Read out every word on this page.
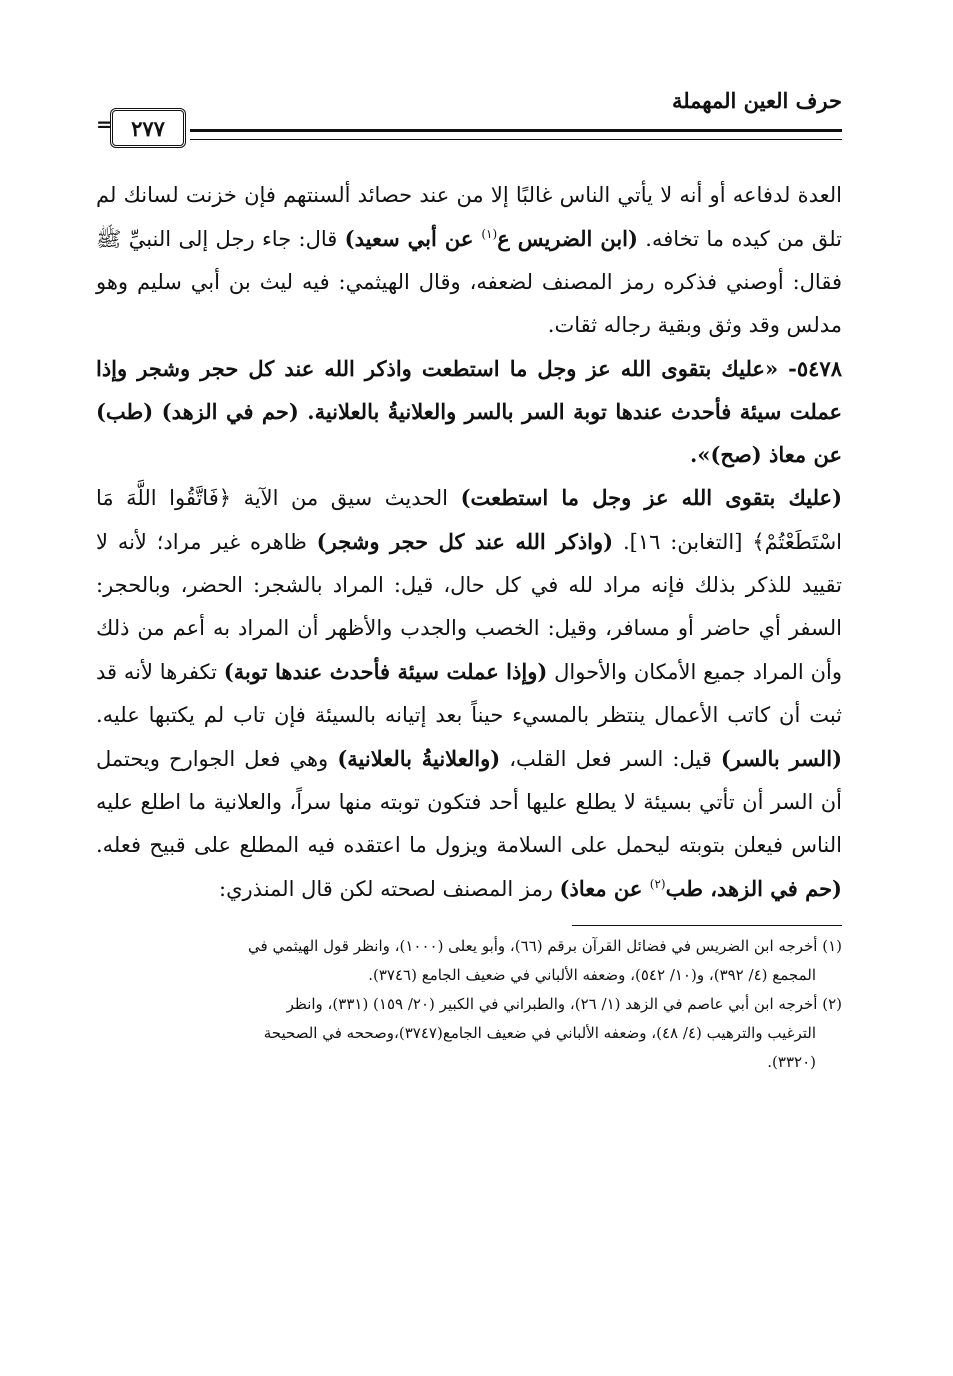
حرف العين المهملة
٢٧٧
=

العدة لدفاعه أو أنه لا يأتي الناس غالبًا إلا من عند حصائد ألسنتهم فإن خزنت لسانك لم تلق من كيده ما تخافه. (ابن الضريس ع$^{(١)}$ عن أبي سعيد) قال: جاء رجل إلى النبيِّ ﷺ فقال: أوصني فذكره رمز المصنف لضعفه، وقال الهيثمي: فيه ليث بن أبي سليم وهو مدلس وقد وثق وبقية رجاله ثقات.

٥٤٧٨- «عليك بتقوى الله عز وجل ما استطعت واذكر الله عند كل حجر وشجر وإذا عملت سيئة فأحدث عندها توبة السر بالسر والعلانيةُ بالعلانية. (حم في الزهد) (طب) عن معاذ (صح)».

(عليك بتقوى الله عز وجل ما استطعت) الحديث سيق من الآية ﴿فَاتَّقُوا اللَّهَ مَا اسْتَطَعْتُمْ﴾ [التغابن: ١٦]. (واذكر الله عند كل حجر وشجر) ظاهره غير مراد؛ لأنه لا تقييد للذكر بذلك فإنه مراد لله في كل حال، قيل: المراد بالشجر: الحضر، وبالحجر: السفر أي حاضر أو مسافر، وقيل: الخصب والجدب والأظهر أن المراد به أعم من ذلك وأن المراد جميع الأمكان والأحوال (وإذا عملت سيئة فأحدث عندها توبة) تكفرها لأنه قد ثبت أن كاتب الأعمال ينتظر بالمسيء حيناً بعد إتيانه بالسيئة فإن تاب لم يكتبها عليه. (السر بالسر) قيل: السر فعل القلب، (والعلانيةُ بالعلانية) وهي فعل الجوارح ويحتمل أن السر أن تأتي بسيئة لا يطلع عليها أحد فتكون توبته منها سراً، والعلانية ما اطلع عليه الناس فيعلن بتوبته ليحمل على السلامة ويزول ما اعتقده فيه المطلع على قبيح فعله. (حم في الزهد، طب$^{(٢)}$ عن معاذ) رمز المصنف لصحته لكن قال المنذري:

(١) أخرجه ابن الضريس في فضائل القرآن برقم (٦٦)، وأبو يعلى (١٠٠٠)، وانظر قول الهيثمي في

المجمع (٤/ ٣٩٢)، و(١٠/ ٥٤٢)، وضعفه الألباني في ضعيف الجامع (٣٧٤٦).

(٢) أخرجه ابن أبي عاصم في الزهد (١/ ٢٦)، والطبراني في الكبير (٢٠/ ١٥٩) (٣٣١)، وانظر

الترغيب والترهيب (٤/ ٤٨)، وضعفه الألباني في ضعيف الجامع(٣٧٤٧)،وصححه في الصحيحة

(٣٣٢٠).
